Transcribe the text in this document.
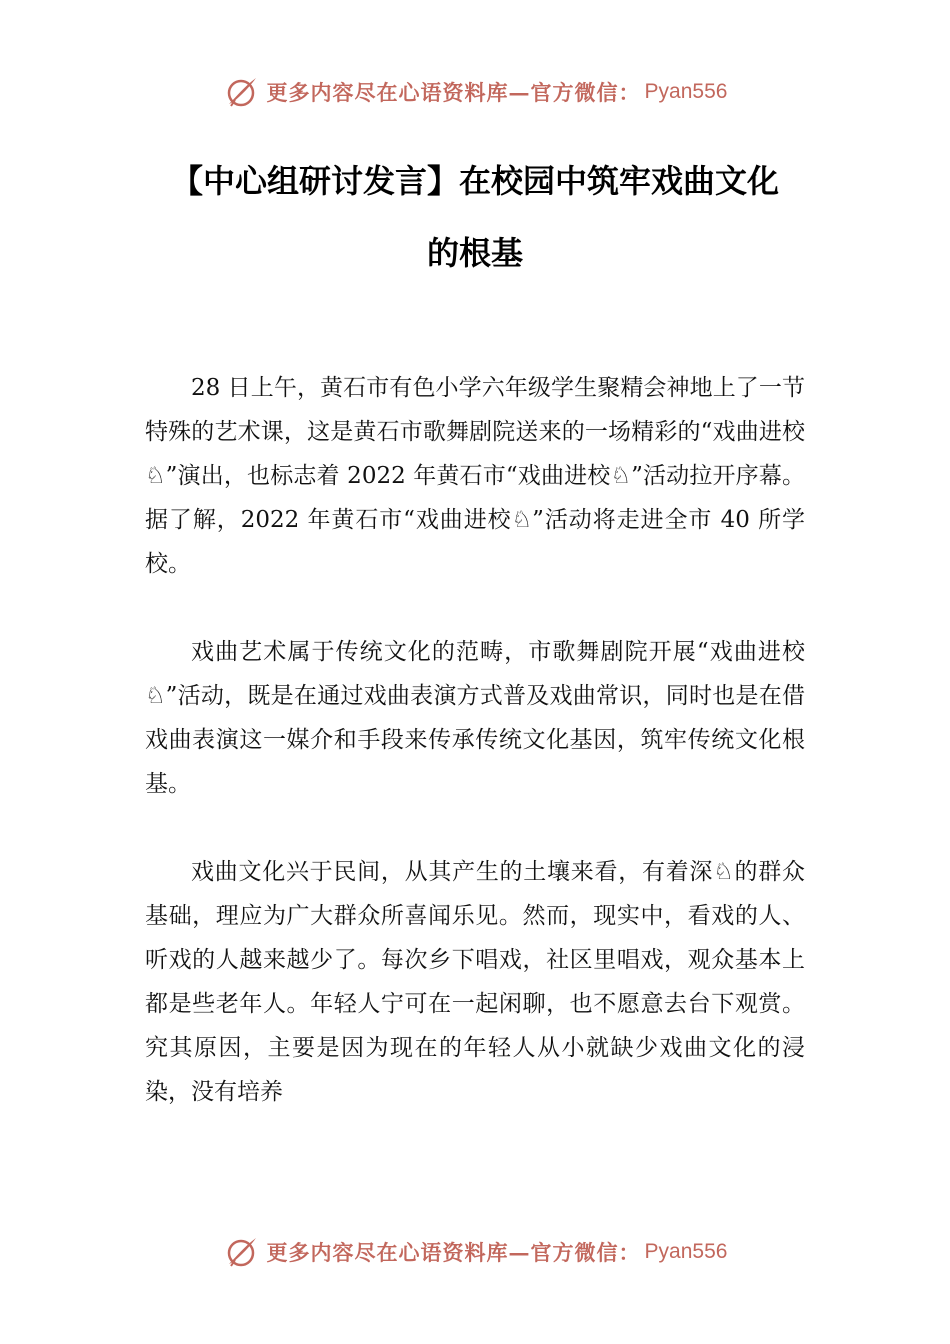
更多内容尽在心语资料库—官方微信： Pyan556
【中心组研讨发言】在校园中筑牢戏曲文化
的根基

28 日上午，黄石市有色小学六年级学生聚精会神地上了一节特殊的艺术课，这是黄石市歌舞剧院送来的一场精彩的“戏曲进校♘”演出，也标志着 2022 年黄石市“戏曲进校♘”活动拉开序幕。据了解，2022 年黄石市“戏曲进校♘”活动将走进全市 40 所学校。

戏曲艺术属于传统文化的范畴，市歌舞剧院开展“戏曲进校♘”活动，既是在通过戏曲表演方式普及戏曲常识，同时也是在借戏曲表演这一媒介和手段来传承传统文化基因，筑牢传统文化根基。

戏曲文化兴于民间，从其产生的土壤来看，有着深♘的群众基础，理应为广大群众所喜闻乐见。然而，现实中，看戏的人、听戏的人越来越少了。每次乡下唱戏，社区里唱戏，观众基本上都是些老年人。年轻人宁可在一起闲聊，也不愿意去台下观赏。究其原因，主要是因为现在的年轻人从小就缺少戏曲文化的浸染，没有培养

更多内容尽在心语资料库—官方微信： Pyan556
